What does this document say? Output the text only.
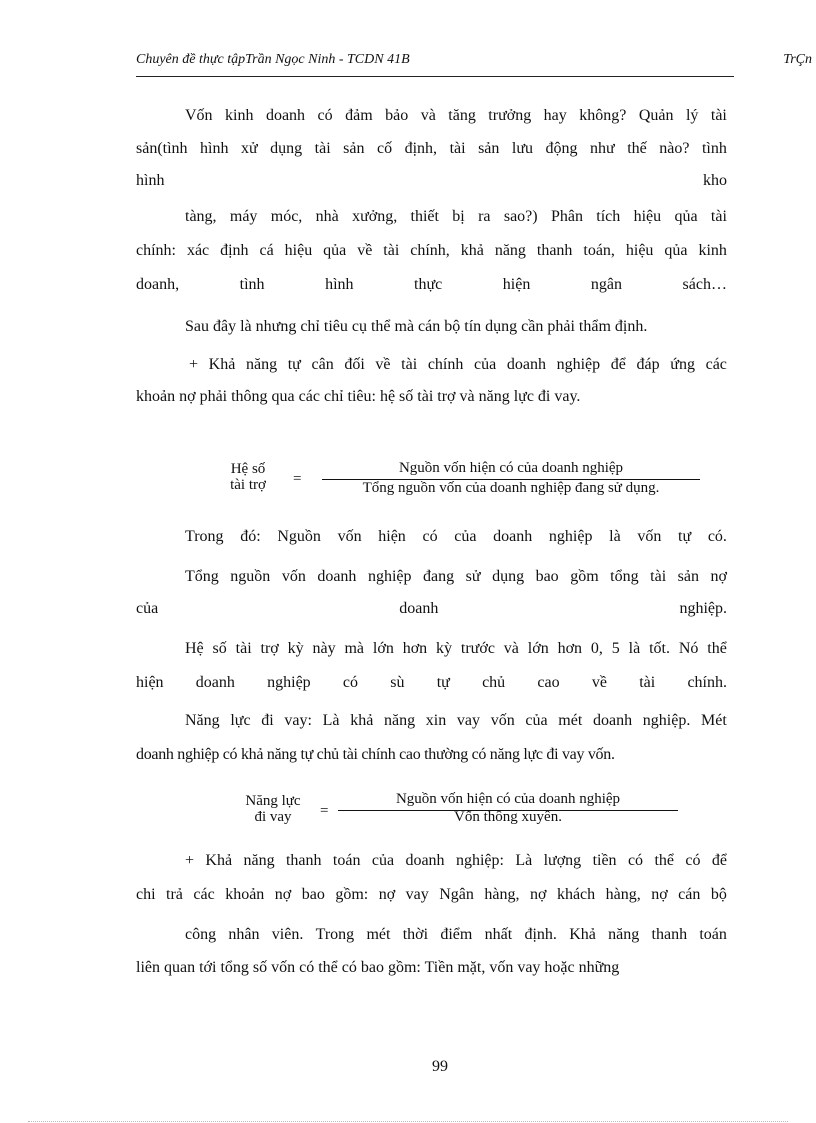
Chuyên đề thực tậpTrần Ngọc Ninh - TCDN 41B	TrÇn
Vốn kinh doanh có đảm bảo và tăng trưởng hay không? Quản lý tài
sản(tình hình xử dụng tài sản cố định, tài sản lưu động như thế nào? tình
hình	kho
tàng, máy móc, nhà xưởng, thiết bị ra sao?) Phân tích hiệu qủa tài
chính: xác định cá hiệu qủa về tài chính, khả năng thanh toán, hiệu qủa kinh
doanh,	tình	hình	thực	hiện	ngân	sách…
Sau đây là nhưng chỉ tiêu cụ thể mà cán bộ tín dụng cần phải thẩm định.
+ Khả năng tự cân đối về tài chính của doanh nghiệp để đáp ứng các
khoản nợ phải thông qua các chỉ tiêu: hệ số tài trợ và năng lực đi vay.
Hệ số
tài trợ	=
Nguồn vốn hiện có của doanh nghiệp
Tổng nguồn vốn của doanh nghiệp đang sử dụng.
Trong đó: Nguồn vốn hiện có của doanh nghiệp là vốn tự có.
Tổng nguồn vốn doanh nghiệp đang sử dụng bao gồm tổng tài sản nợ
của	doanh	nghiệp.
Hệ số tài trợ kỳ này mà lớn hơn kỳ trước và lớn hơn 0, 5 là tốt. Nó thể
hiện doanh nghiệp có sù tự chủ cao về tài chính.
Năng lực đi vay: Là khả năng xin vay vốn của mét doanh nghiệp. Mét
doanh nghiệp có khả năng tự chủ tài chính cao thường có năng lực đi vay vốn.
Năng lực
đi vay	=
Nguồn vốn hiện có của doanh nghiệp
Vốn thông xuyên.
+ Khả năng thanh toán của doanh nghiệp: Là lượng tiền có thể có để
chi trả các khoản nợ bao gồm: nợ vay Ngân hàng, nợ khách hàng, nợ cán bộ
công nhân viên. Trong mét thời điểm nhất định. Khả năng thanh toán
liên quan tới tổng số vốn có thể có bao gồm: Tiền mặt, vốn vay hoặc những
99
